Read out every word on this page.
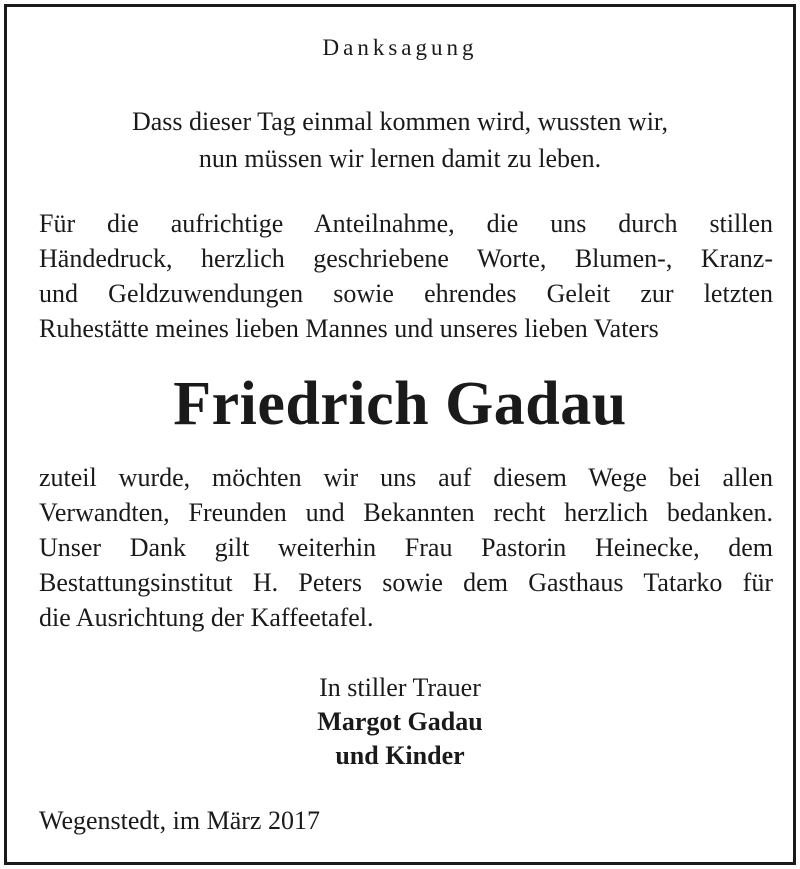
Danksagung
Dass dieser Tag einmal kommen wird, wussten wir,
nun müssen wir lernen damit zu leben.
Für die aufrichtige Anteilnahme, die uns durch stillen
Händedruck, herzlich geschriebene Worte, Blumen-, Kranz-
und Geldzuwendungen sowie ehrendes Geleit zur letzten
Ruhestätte meines lieben Mannes und unseres lieben Vaters
Friedrich Gadau
zuteil wurde, möchten wir uns auf diesem Wege bei allen
Verwandten, Freunden und Bekannten recht herzlich bedanken.
Unser Dank gilt weiterhin Frau Pastorin Heinecke, dem
Bestattungsinstitut H. Peters sowie dem Gasthaus Tatarko für
die Ausrichtung der Kaffeetafel.
In stiller Trauer
Margot Gadau
und Kinder
Wegenstedt, im März 2017
